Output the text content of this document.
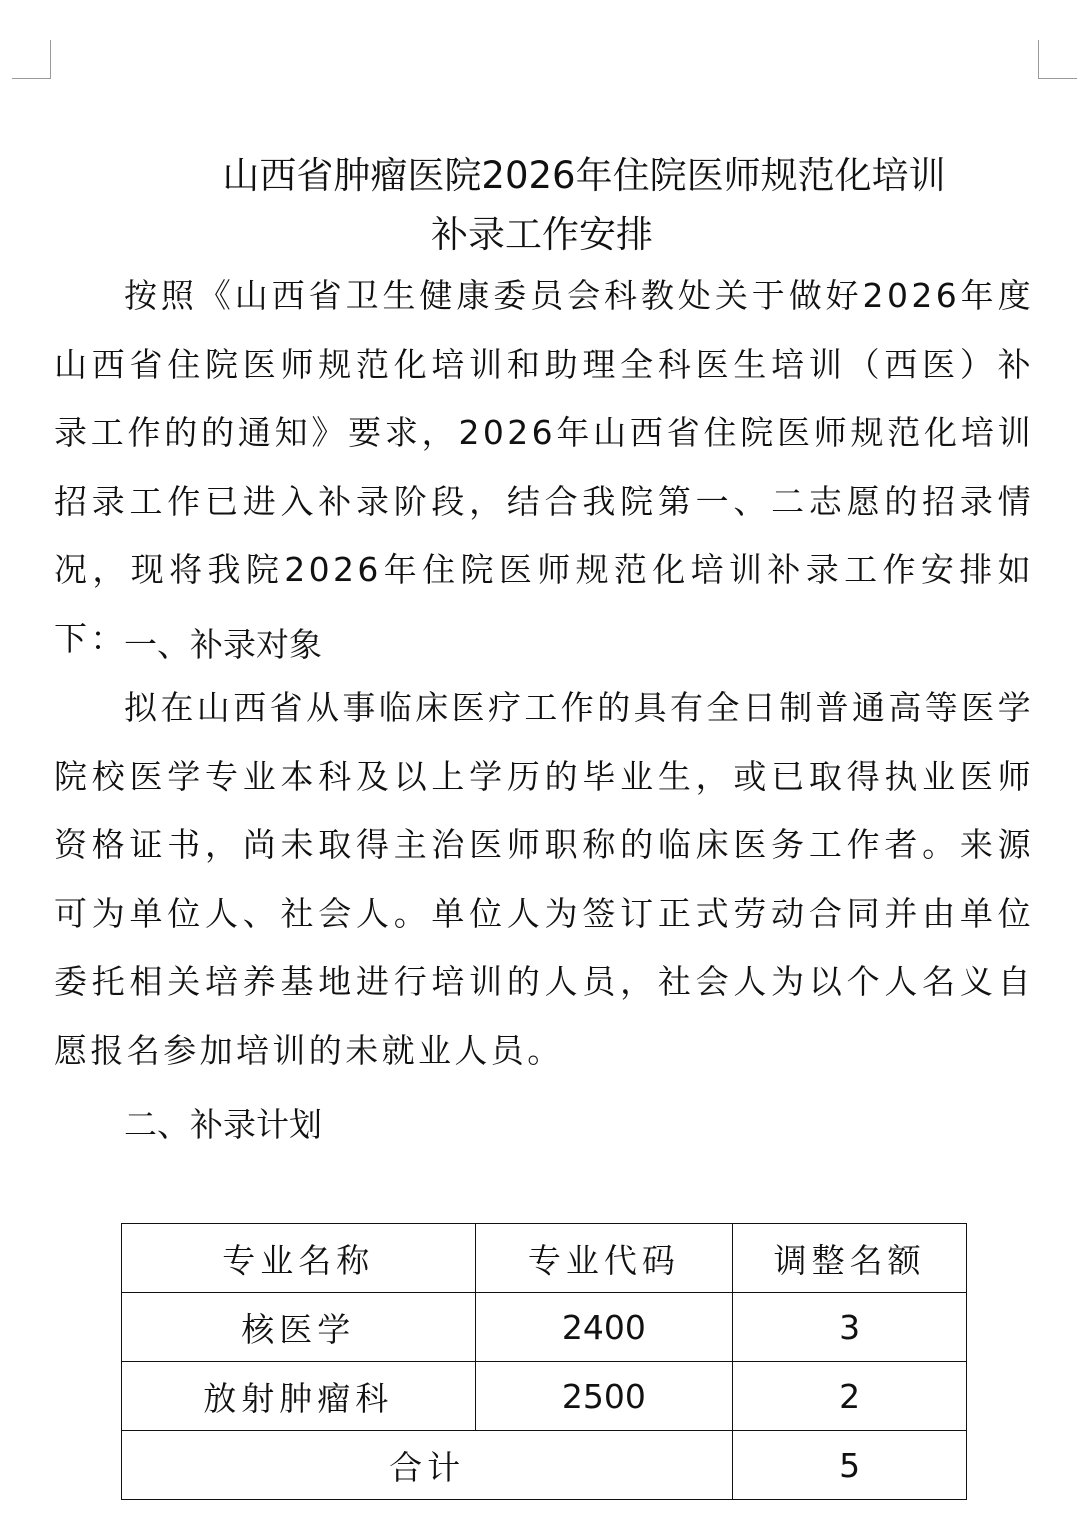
山西省肿瘤医院2026年住院医师规范化培训
补录工作安排

按照《山西省卫生健康委员会科教处关于做好2026年度山西省住院医师规范化培训和助理全科医生培训（西医）补录工作的的通知》要求，2026年山西省住院医师规范化培训招录工作已进入补录阶段，结合我院第一、二志愿的招录情况，现将我院2026年住院医师规范化培训补录工作安排如下：

一、补录对象

拟在山西省从事临床医疗工作的具有全日制普通高等医学院校医学专业本科及以上学历的毕业生，或已取得执业医师资格证书，尚未取得主治医师职称的临床医务工作者。来源可为单位人、社会人。单位人为签订正式劳动合同并由单位委托相关培养基地进行培训的人员，社会人为以个人名义自愿报名参加培训的未就业人员。

二、补录计划
专业名称	专业代码	调整名额
核医学	2400	3
放射肿瘤科	2500	2
合计		5
